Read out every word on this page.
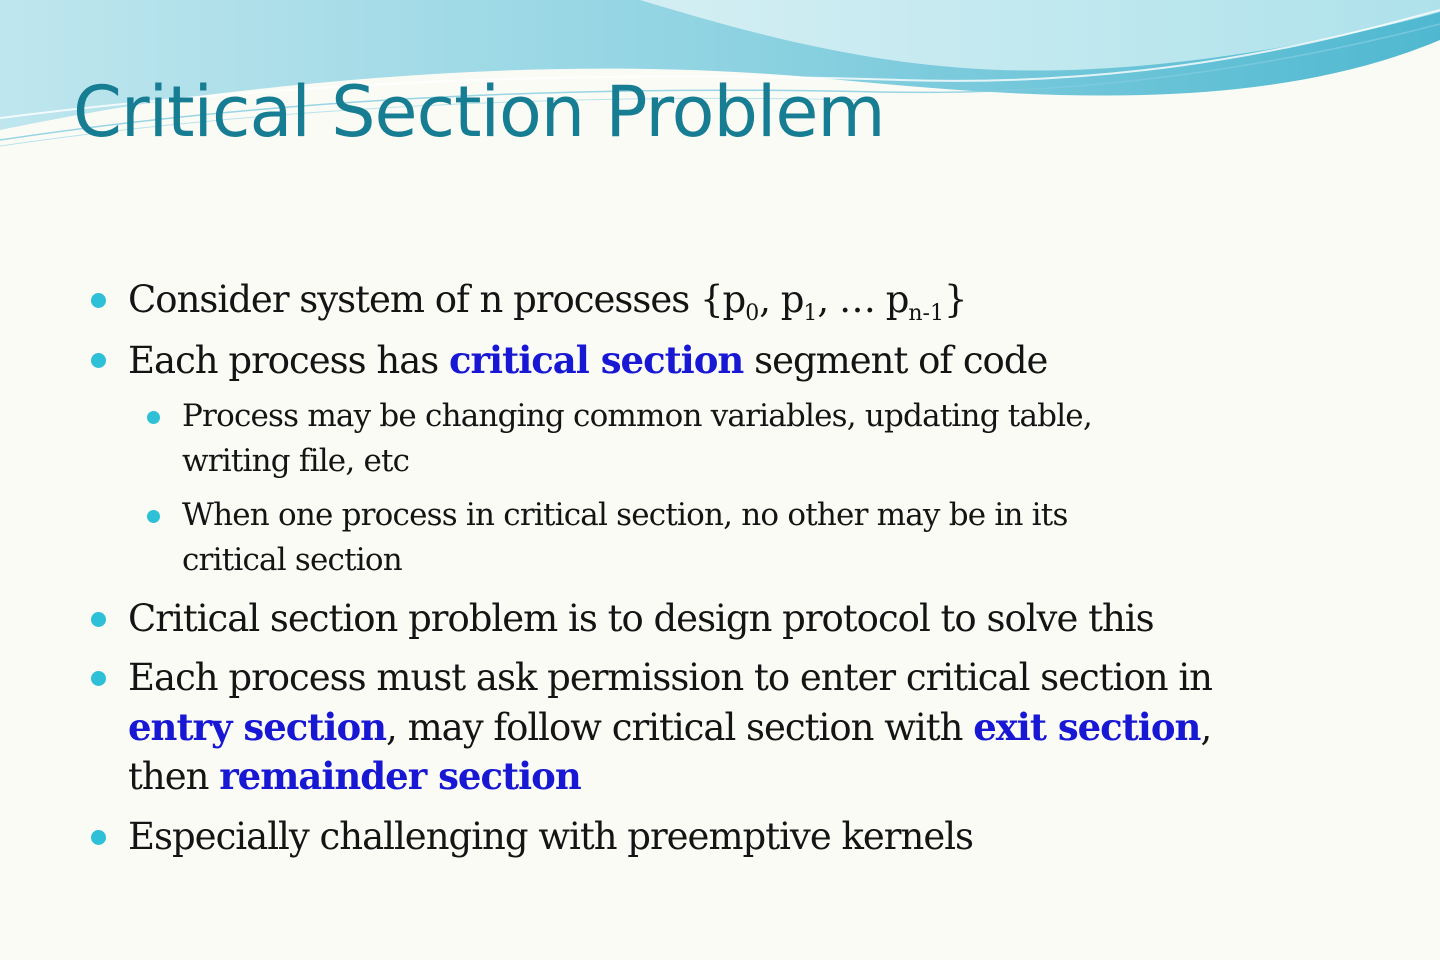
Critical Section Problem

Consider system of n processes {$p_0$, $p_1$, … $p_{n-1}$}

Each process has critical section segment of code

Process may be changing common variables, updating table,

writing file, etc

When one process in critical section, no other may be in its

critical section

Critical section problem is to design protocol to solve this

Each process must ask permission to enter critical section in

entry section, may follow critical section with exit section,

then remainder section

Especially challenging with preemptive kernels
